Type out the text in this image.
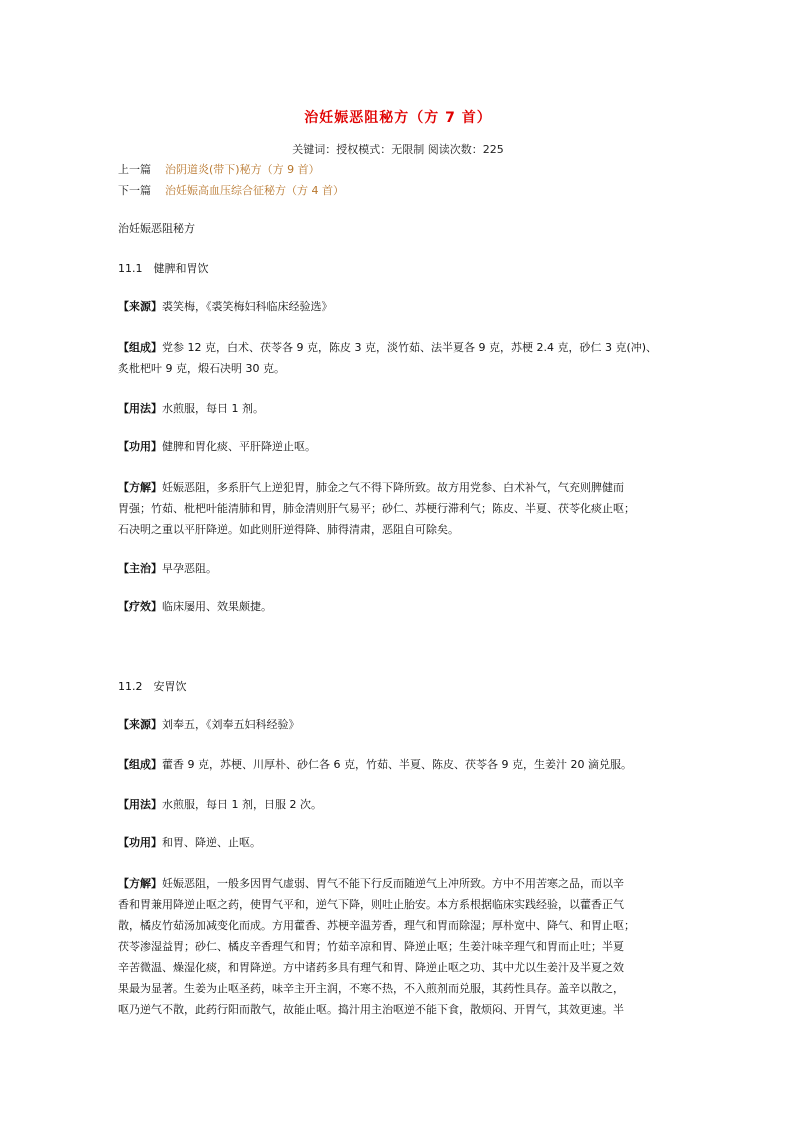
治妊娠恶阻秘方（方 7 首）
关键词：授权模式：无限制 阅读次数：225
上一篇 治阴道炎(带下)秘方（方 9 首）
下一篇 治妊娠高血压综合征秘方（方 4 首）
治妊娠恶阻秘方
11.1　健脾和胃饮
【来源】裘笑梅，《裘笑梅妇科临床经验选》
【组成】党参 12 克，白术、茯苓各 9 克，陈皮 3 克，淡竹茹、法半夏各 9 克，苏梗 2.4 克，砂仁 3 克(冲)、
炙枇杷叶 9 克，煅石决明 30 克。
【用法】水煎服，每日 1 剂。
【功用】健脾和胃化痰、平肝降逆止呕。
【方解】妊娠恶阻，多系肝气上逆犯胃，肺金之气不得下降所致。故方用党参、白术补气，气充则脾健而
胃强；竹茹、枇杷叶能清肺和胃，肺金清则肝气易平；砂仁、苏梗行滞利气；陈皮、半夏、茯苓化痰止呕；
石决明之重以平肝降逆。如此则肝逆得降、肺得清肃，恶阻自可除矣。
【主治】早孕恶阻。
【疗效】临床屡用、效果颇捷。
11.2　安胃饮
【来源】刘奉五，《刘奉五妇科经验》
【组成】藿香 9 克，苏梗、川厚朴、砂仁各 6 克，竹茹、半夏、陈皮、茯苓各 9 克，生姜汁 20 滴兑服。
【用法】水煎服，每日 1 剂，日服 2 次。
【功用】和胃、降逆、止呕。
【方解】妊娠恶阻，一般多因胃气虚弱、胃气不能下行反而随逆气上冲所致。方中不用苦寒之品，而以辛
香和胃兼用降逆止呕之药，使胃气平和，逆气下降，则吐止胎安。本方系根据临床实践经验，以藿香正气
散，橘皮竹茹汤加减变化而成。方用藿香、苏梗辛温芳香，理气和胃而除湿；厚朴宽中、降气、和胃止呕；
茯苓渗湿益胃；砂仁、橘皮辛香理气和胃；竹茹辛凉和胃、降逆止呕；生姜汁味辛理气和胃而止吐；半夏
辛苦微温、燥湿化痰，和胃降逆。方中诸药多具有理气和胃、降逆止呕之功、其中尤以生姜汁及半夏之效
果最为显著。生姜为止呕圣药，味辛主开主润，不寒不热，不入煎剂而兑服，其药性具存。盖辛以散之，
呕乃逆气不散，此药行阳而散气，故能止呕。捣汁用主治呕逆不能下食，散烦闷、开胃气，其效更速。半
